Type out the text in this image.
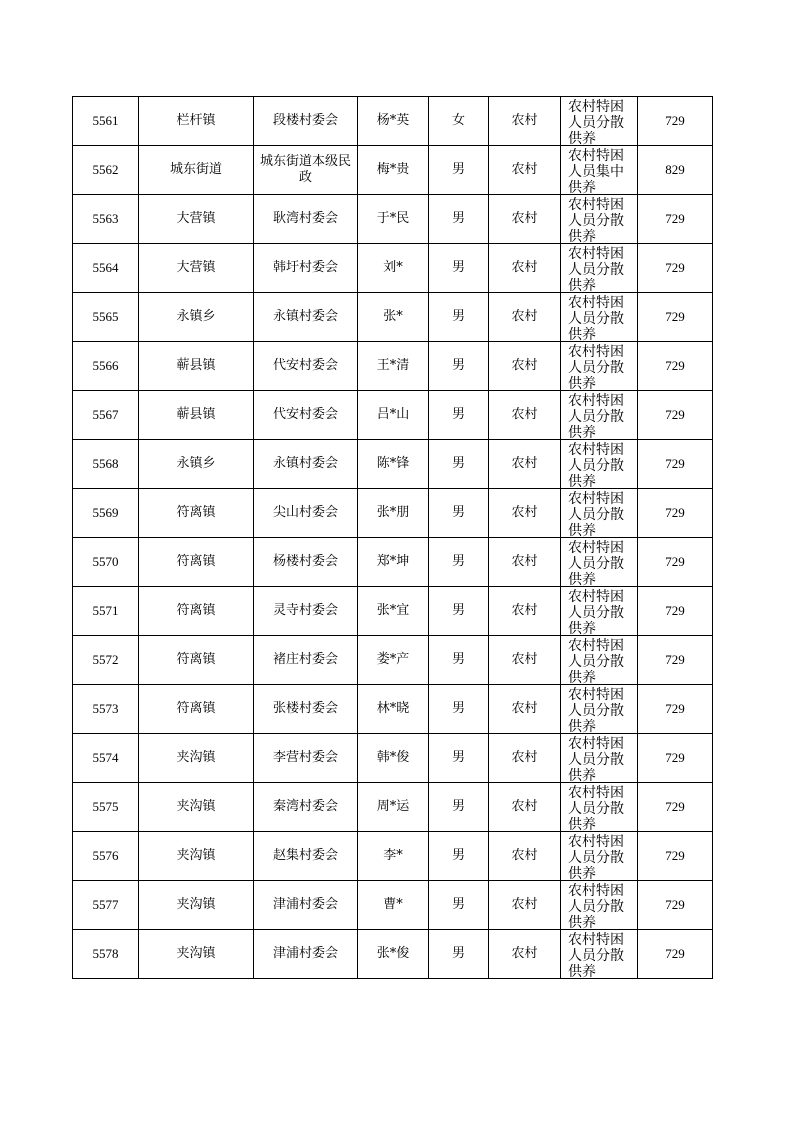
5561	栏杆镇	段楼村委会	杨*英	女	农村	农村特困人员分散供养	729
5562	城东街道	城东街道本级民政	梅*贵	男	农村	农村特困人员集中供养	829
5563	大营镇	耿湾村委会	于*民	男	农村	农村特困人员分散供养	729
5564	大营镇	韩圩村委会	刘*	男	农村	农村特困人员分散供养	729
5565	永镇乡	永镇村委会	张*	男	农村	农村特困人员分散供养	729
5566	蕲县镇	代安村委会	王*清	男	农村	农村特困人员分散供养	729
5567	蕲县镇	代安村委会	吕*山	男	农村	农村特困人员分散供养	729
5568	永镇乡	永镇村委会	陈*锋	男	农村	农村特困人员分散供养	729
5569	符离镇	尖山村委会	张*朋	男	农村	农村特困人员分散供养	729
5570	符离镇	杨楼村委会	郑*坤	男	农村	农村特困人员分散供养	729
5571	符离镇	灵寺村委会	张*宜	男	农村	农村特困人员分散供养	729
5572	符离镇	褚庄村委会	娄*产	男	农村	农村特困人员分散供养	729
5573	符离镇	张楼村委会	林*晓	男	农村	农村特困人员分散供养	729
5574	夹沟镇	李营村委会	韩*俊	男	农村	农村特困人员分散供养	729
5575	夹沟镇	秦湾村委会	周*运	男	农村	农村特困人员分散供养	729
5576	夹沟镇	赵集村委会	李*	男	农村	农村特困人员分散供养	729
5577	夹沟镇	津浦村委会	曹*	男	农村	农村特困人员分散供养	729
5578	夹沟镇	津浦村委会	张*俊	男	农村	农村特困人员分散供养	729
